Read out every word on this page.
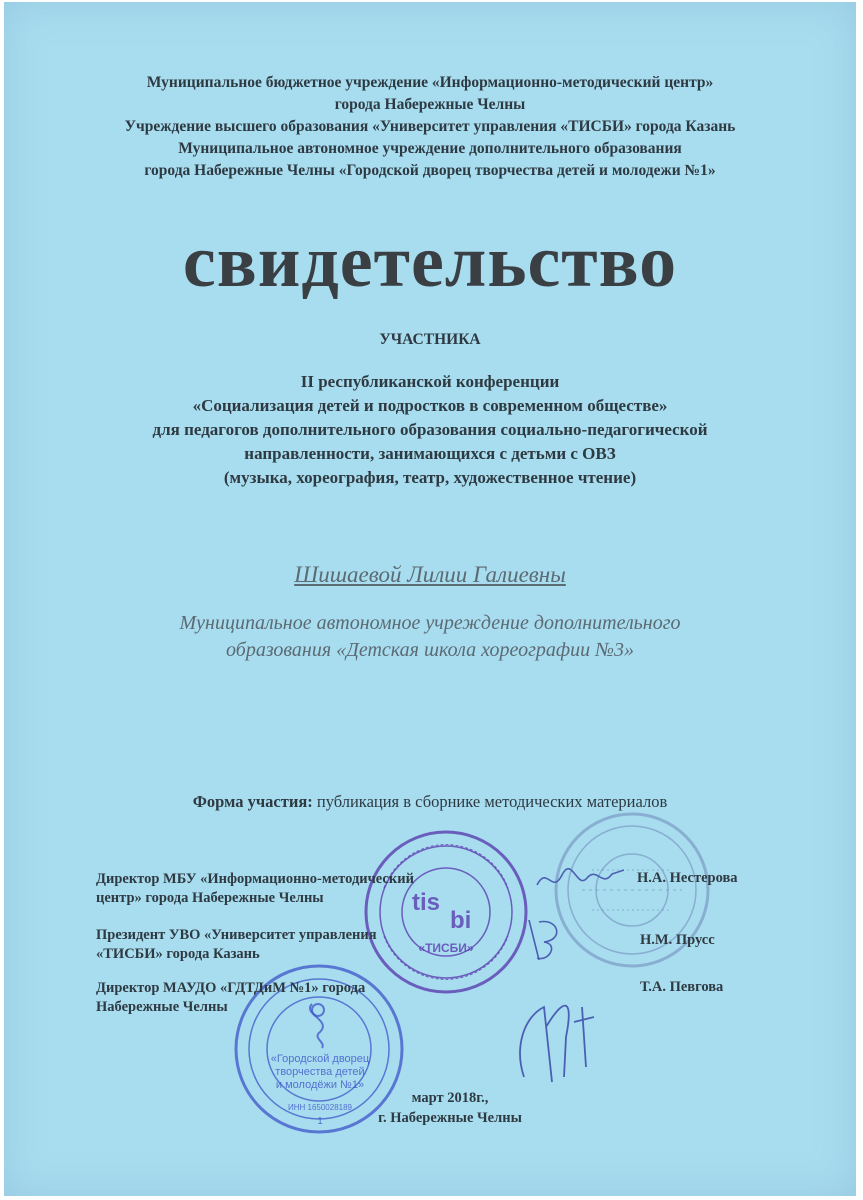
Муниципальное бюджетное учреждение «Информационно-методический центр»
города Набережные Челны
Учреждение высшего образования «Университет управления «ТИСБИ» города Казань
Муниципальное автономное учреждение дополнительного образования
города Набережные Челны «Городской дворец творчества детей и молодежи №1»
свидетельство
УЧАСТНИКА
II республиканской конференции
«Социализация детей и подростков в современном обществе»
для педагогов дополнительного образования социально-педагогической
направленности, занимающихся с детьми с ОВЗ
(музыка, хореография, театр, художественное чтение)
Шишаевой Лилии Галиевны
Муниципальное автономное учреждение дополнительного
образования «Детская школа хореографии №3»
Форма участия: публикация в сборнике методических материалов
tis
bi
«ТИСБИ»
«Городской дворец
творчества детей
и молодёжи №1»
ИНН 1650028189
1
Директор МБУ «Информационно-методический
центр» города Набережные Челны
Н.А. Нестерова
Президент УВО «Университет управления
«ТИСБИ» города Казань
Н.М. Прусс
Директор МАУДО «ГДТДиМ №1» города
Набережные Челны
Т.А. Певгова
март 2018г.,
г. Набережные Челны
